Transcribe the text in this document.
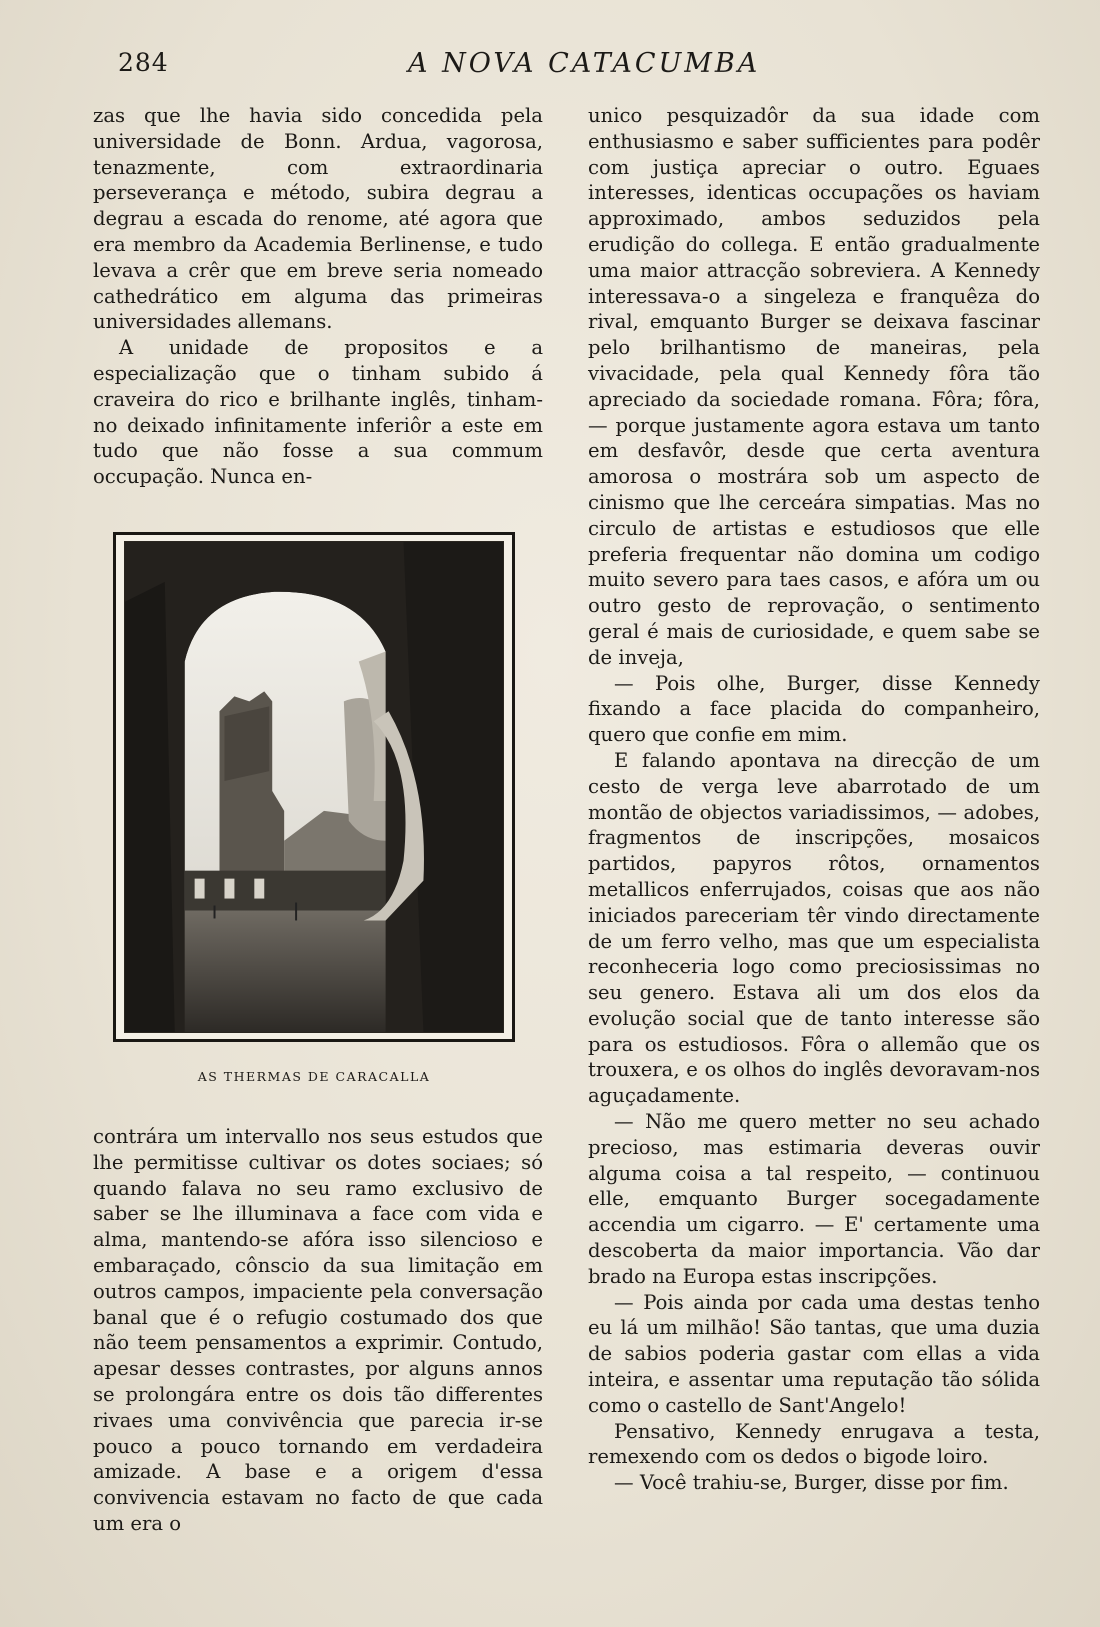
284	A NOVA CATACUMBA

zas que lhe havia sido concedida pela universidade de Bonn. Ardua, vagorosa, tenazmente, com extraordinaria perseverança e método, subira degrau a degrau a escada do renome, até agora que era membro da Academia Berlinense, e tudo levava a crêr que em breve seria nomeado cathedrático em alguma das primeiras universidades allemans.

A unidade de propositos e a especialização que o tinham subido á craveira do rico e brilhante inglês, tinham-no deixado infinitamente inferiôr a este em tudo que não fosse a sua commum occupação. Nunca en-

AS THERMAS DE CARACALLA

contrára um intervallo nos seus estudos que lhe permitisse cultivar os dotes sociaes; só quando falava no seu ramo exclusivo de saber se lhe illuminava a face com vida e alma, mantendo-se afóra isso silencioso e embaraçado, cônscio da sua limitação em outros campos, impaciente pela conversação banal que é o refugio costumado dos que não teem pensamentos a exprimir. Contudo, apesar desses contrastes, por alguns annos se prolongára entre os dois tão differentes rivaes uma convivência que parecia ir-se pouco a pouco tornando em verdadeira amizade. A base e a origem d'essa convivencia estavam no facto de que cada um era o

unico pesquizadôr da sua idade com enthusiasmo e saber sufficientes para podêr com justiça apreciar o outro. Eguaes interesses, identicas occupações os haviam approximado, ambos seduzidos pela erudição do collega. E então gradualmente uma maior attracção sobreviera. A Kennedy interessava-o a singeleza e franquêza do rival, emquanto Burger se deixava fascinar pelo brilhantismo de maneiras, pela vivacidade, pela qual Kennedy fôra tão apreciado da sociedade romana. Fôra; fôra, — porque justamente agora estava um tanto em desfavôr, desde que certa aventura amorosa o mostrára sob um aspecto de cinismo que lhe cerceára simpatias. Mas no circulo de artistas e estudiosos que elle preferia frequentar não domina um codigo muito severo para taes casos, e afóra um ou outro gesto de reprovação, o sentimento geral é mais de curiosidade, e quem sabe se de inveja,

— Pois olhe, Burger, disse Kennedy fixando a face placida do companheiro, quero que confie em mim.

E falando apontava na direcção de um cesto de verga leve abarrotado de um montão de objectos variadissimos, — adobes, fragmentos de inscripções, mosaicos partidos, papyros rôtos, ornamentos metallicos enferrujados, coisas que aos não iniciados pareceriam têr vindo directamente de um ferro velho, mas que um especialista reconheceria logo como preciosissimas no seu genero. Estava ali um dos elos da evolução social que de tanto interesse são para os estudiosos. Fôra o allemão que os trouxera, e os olhos do inglês devoravam-nos aguçadamente.

— Não me quero metter no seu achado precioso, mas estimaria deveras ouvir alguma coisa a tal respeito, — continuou elle, emquanto Burger socegadamente accendia um cigarro. — E' certamente uma descoberta da maior importancia. Vão dar brado na Europa estas inscripções.

— Pois ainda por cada uma destas tenho eu lá um milhão! São tantas, que uma duzia de sabios poderia gastar com ellas a vida inteira, e assentar uma reputação tão sólida como o castello de Sant'Angelo!

Pensativo, Kennedy enrugava a testa, remexendo com os dedos o bigode loiro.

— Você trahiu-se, Burger, disse por fim.
